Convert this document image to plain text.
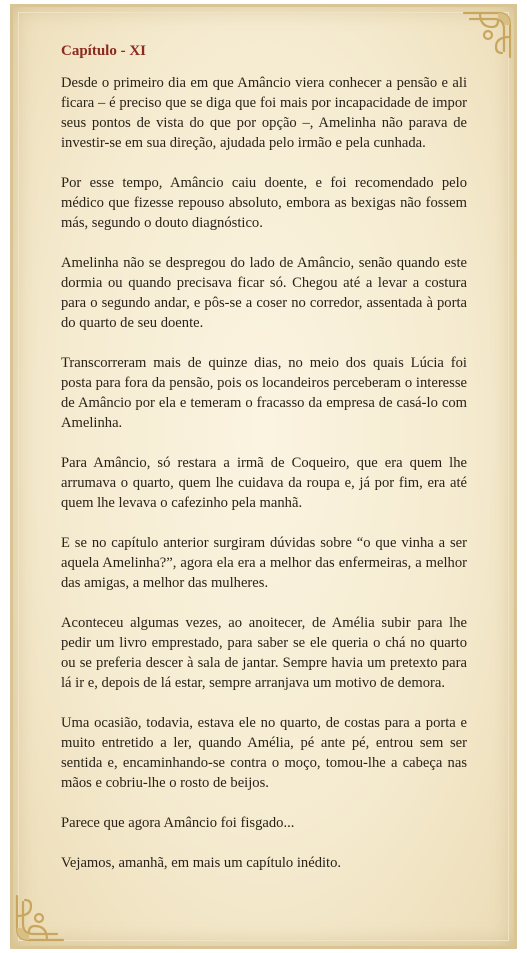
Capítulo - XI

Desde o primeiro dia em que Amâncio viera conhecer a pensão e ali ficara – é preciso que se diga que foi mais por incapacidade de impor seus pontos de vista do que por opção –, Amelinha não parava de investir-se em sua direção, ajudada pelo irmão e pela cunhada.

Por esse tempo, Amâncio caiu doente, e foi recomendado pelo médico que fizesse repouso absoluto, embora as bexigas não fossem más, segundo o douto diagnóstico.

Amelinha não se despregou do lado de Amâncio, senão quando este dormia ou quando precisava ficar só. Chegou até a levar a costura para o segundo andar, e pôs-se a coser no corredor, assentada à porta do quarto de seu doente.

Transcorreram mais de quinze dias, no meio dos quais Lúcia foi posta para fora da pensão, pois os locandeiros perceberam o interesse de Amâncio por ela e temeram o fracasso da empresa de casá-lo com Amelinha.

Para Amâncio, só restara a irmã de Coqueiro, que era quem lhe arrumava o quarto, quem lhe cuidava da roupa e, já por fim, era até quem lhe levava o cafezinho pela manhã.

E se no capítulo anterior surgiram dúvidas sobre “o que vinha a ser aquela Amelinha?”, agora ela era a melhor das enfermeiras, a melhor das amigas, a melhor das mulheres.

Aconteceu algumas vezes, ao anoitecer, de Amélia subir para lhe pedir um livro emprestado, para saber se ele queria o chá no quarto ou se preferia descer à sala de jantar. Sempre havia um pretexto para lá ir e, depois de lá estar, sempre arranjava um motivo de demora.

Uma ocasião, todavia, estava ele no quarto, de costas para a porta e muito entretido a ler, quando Amélia, pé ante pé, entrou sem ser sentida e, encaminhando-se contra o moço, tomou-lhe a cabeça nas mãos e cobriu-lhe o rosto de beijos.

Parece que agora Amâncio foi fisgado...

Vejamos, amanhã, em mais um capítulo inédito.
